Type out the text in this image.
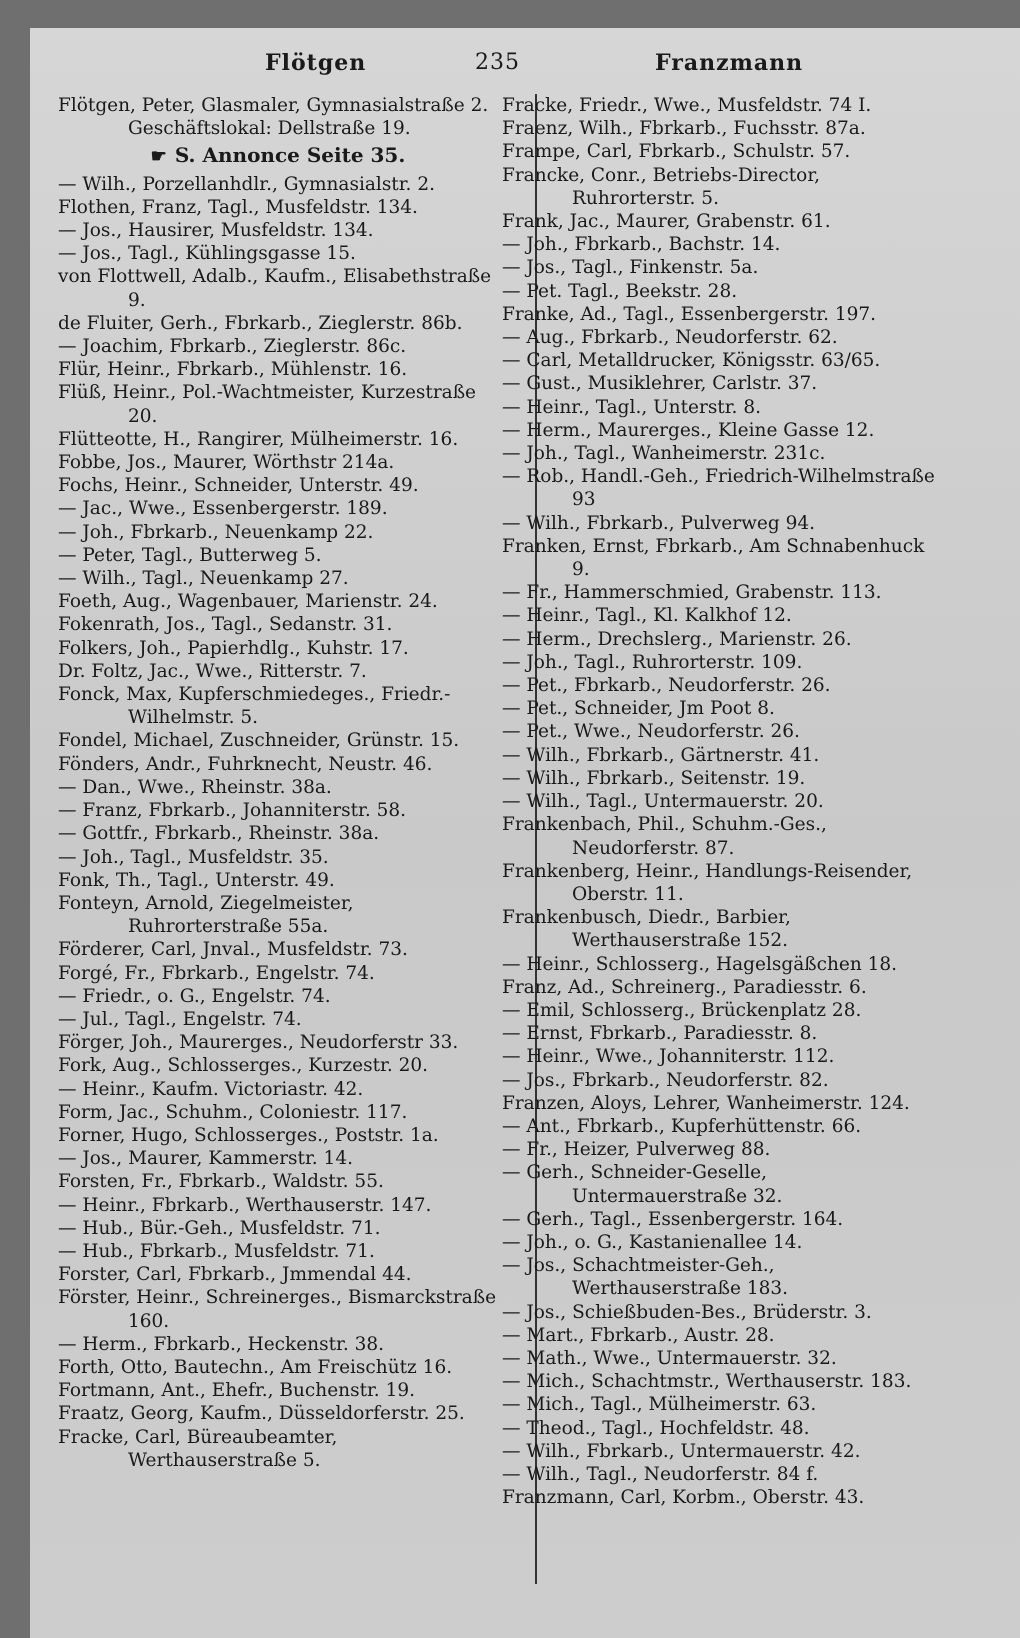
Flötgen	235	Franzmann

Flötgen, Peter, Glasmaler, Gymnasialstraße 2. Geschäftslokal: Dellstraße 19.

☛ S. Annonce Seite 35.

— Wilh., Porzellanhdlr., Gymnasialstr. 2.

Flothen, Franz, Tagl., Musfeldstr. 134.

— Jos., Hausirer, Musfeldstr. 134.

— Jos., Tagl., Kühlingsgasse 15.

von Flottwell, Adalb., Kaufm., Elisabethstraße 9.

de Fluiter, Gerh., Fbrkarb., Zieglerstr. 86b.

— Joachim, Fbrkarb., Zieglerstr. 86c.

Flür, Heinr., Fbrkarb., Mühlenstr. 16.

Flüß, Heinr., Pol.-Wachtmeister, Kurzestraße 20.

Flütteotte, H., Rangirer, Mülheimerstr. 16.

Fobbe, Jos., Maurer, Wörthstr 214a.

Fochs, Heinr., Schneider, Unterstr. 49.

— Jac., Wwe., Essenbergerstr. 189.

— Joh., Fbrkarb., Neuenkamp 22.

— Peter, Tagl., Butterweg 5.

— Wilh., Tagl., Neuenkamp 27.

Foeth, Aug., Wagenbauer, Marienstr. 24.

Fokenrath, Jos., Tagl., Sedanstr. 31.

Folkers, Joh., Papierhdlg., Kuhstr. 17.

Dr. Foltz, Jac., Wwe., Ritterstr. 7.

Fonck, Max, Kupferschmiedeges., Friedr.-Wilhelmstr. 5.

Fondel, Michael, Zuschneider, Grünstr. 15.

Fönders, Andr., Fuhrknecht, Neustr. 46.

— Dan., Wwe., Rheinstr. 38a.

— Franz, Fbrkarb., Johanniterstr. 58.

— Gottfr., Fbrkarb., Rheinstr. 38a.

— Joh., Tagl., Musfeldstr. 35.

Fonk, Th., Tagl., Unterstr. 49.

Fonteyn, Arnold, Ziegelmeister, Ruhrorterstraße 55a.

Förderer, Carl, Jnval., Musfeldstr. 73.

Forgé, Fr., Fbrkarb., Engelstr. 74.

— Friedr., o. G., Engelstr. 74.

— Jul., Tagl., Engelstr. 74.

Förger, Joh., Maurerges., Neudorferstr 33.

Fork, Aug., Schlosserges., Kurzestr. 20.

— Heinr., Kaufm. Victoriastr. 42.

Form, Jac., Schuhm., Coloniestr. 117.

Forner, Hugo, Schlosserges., Poststr. 1a.

— Jos., Maurer, Kammerstr. 14.

Forsten, Fr., Fbrkarb., Waldstr. 55.

— Heinr., Fbrkarb., Werthauserstr. 147.

— Hub., Bür.-Geh., Musfeldstr. 71.

— Hub., Fbrkarb., Musfeldstr. 71.

Forster, Carl, Fbrkarb., Jmmendal 44.

Förster, Heinr., Schreinerges., Bismarckstraße 160.

— Herm., Fbrkarb., Heckenstr. 38.

Forth, Otto, Bautechn., Am Freischütz 16.

Fortmann, Ant., Ehefr., Buchenstr. 19.

Fraatz, Georg, Kaufm., Düsseldorferstr. 25.

Fracke, Carl, Büreaubeamter, Werthauserstraße 5.

Fracke, Friedr., Wwe., Musfeldstr. 74 I.

Fraenz, Wilh., Fbrkarb., Fuchsstr. 87a.

Frampe, Carl, Fbrkarb., Schulstr. 57.

Francke, Conr., Betriebs-Director, Ruhrorterstr. 5.

Frank, Jac., Maurer, Grabenstr. 61.

— Joh., Fbrkarb., Bachstr. 14.

— Jos., Tagl., Finkenstr. 5a.

— Pet. Tagl., Beekstr. 28.

Franke, Ad., Tagl., Essenbergerstr. 197.

— Aug., Fbrkarb., Neudorferstr. 62.

— Carl, Metalldrucker, Königsstr. 63/65.

— Gust., Musiklehrer, Carlstr. 37.

— Heinr., Tagl., Unterstr. 8.

— Herm., Maurerges., Kleine Gasse 12.

— Joh., Tagl., Wanheimerstr. 231c.

— Rob., Handl.-Geh., Friedrich-Wilhelmstraße 93

— Wilh., Fbrkarb., Pulverweg 94.

Franken, Ernst, Fbrkarb., Am Schnabenhuck 9.

— Fr., Hammerschmied, Grabenstr. 113.

— Heinr., Tagl., Kl. Kalkhof 12.

— Herm., Drechslerg., Marienstr. 26.

— Joh., Tagl., Ruhrorterstr. 109.

— Pet., Fbrkarb., Neudorferstr. 26.

— Pet., Schneider, Jm Poot 8.

— Pet., Wwe., Neudorferstr. 26.

— Wilh., Fbrkarb., Gärtnerstr. 41.

— Wilh., Fbrkarb., Seitenstr. 19.

— Wilh., Tagl., Untermauerstr. 20.

Frankenbach, Phil., Schuhm.-Ges., Neudorferstr. 87.

Frankenberg, Heinr., Handlungs-Reisender, Oberstr. 11.

Frankenbusch, Diedr., Barbier, Werthauserstraße 152.

— Heinr., Schlosserg., Hagelsgäßchen 18.

Franz, Ad., Schreinerg., Paradiesstr. 6.

— Emil, Schlosserg., Brückenplatz 28.

— Ernst, Fbrkarb., Paradiesstr. 8.

— Heinr., Wwe., Johanniterstr. 112.

— Jos., Fbrkarb., Neudorferstr. 82.

Franzen, Aloys, Lehrer, Wanheimerstr. 124.

— Ant., Fbrkarb., Kupferhüttenstr. 66.

— Fr., Heizer, Pulverweg 88.

— Gerh., Schneider-Geselle, Untermauerstraße 32.

— Gerh., Tagl., Essenbergerstr. 164.

— Joh., o. G., Kastanienallee 14.

— Jos., Schachtmeister-Geh., Werthauserstraße 183.

— Jos., Schießbuden-Bes., Brüderstr. 3.

— Mart., Fbrkarb., Austr. 28.

— Math., Wwe., Untermauerstr. 32.

— Mich., Schachtmstr., Werthauserstr. 183.

— Mich., Tagl., Mülheimerstr. 63.

— Theod., Tagl., Hochfeldstr. 48.

— Wilh., Fbrkarb., Untermauerstr. 42.

— Wilh., Tagl., Neudorferstr. 84 f.

Franzmann, Carl, Korbm., Oberstr. 43.
